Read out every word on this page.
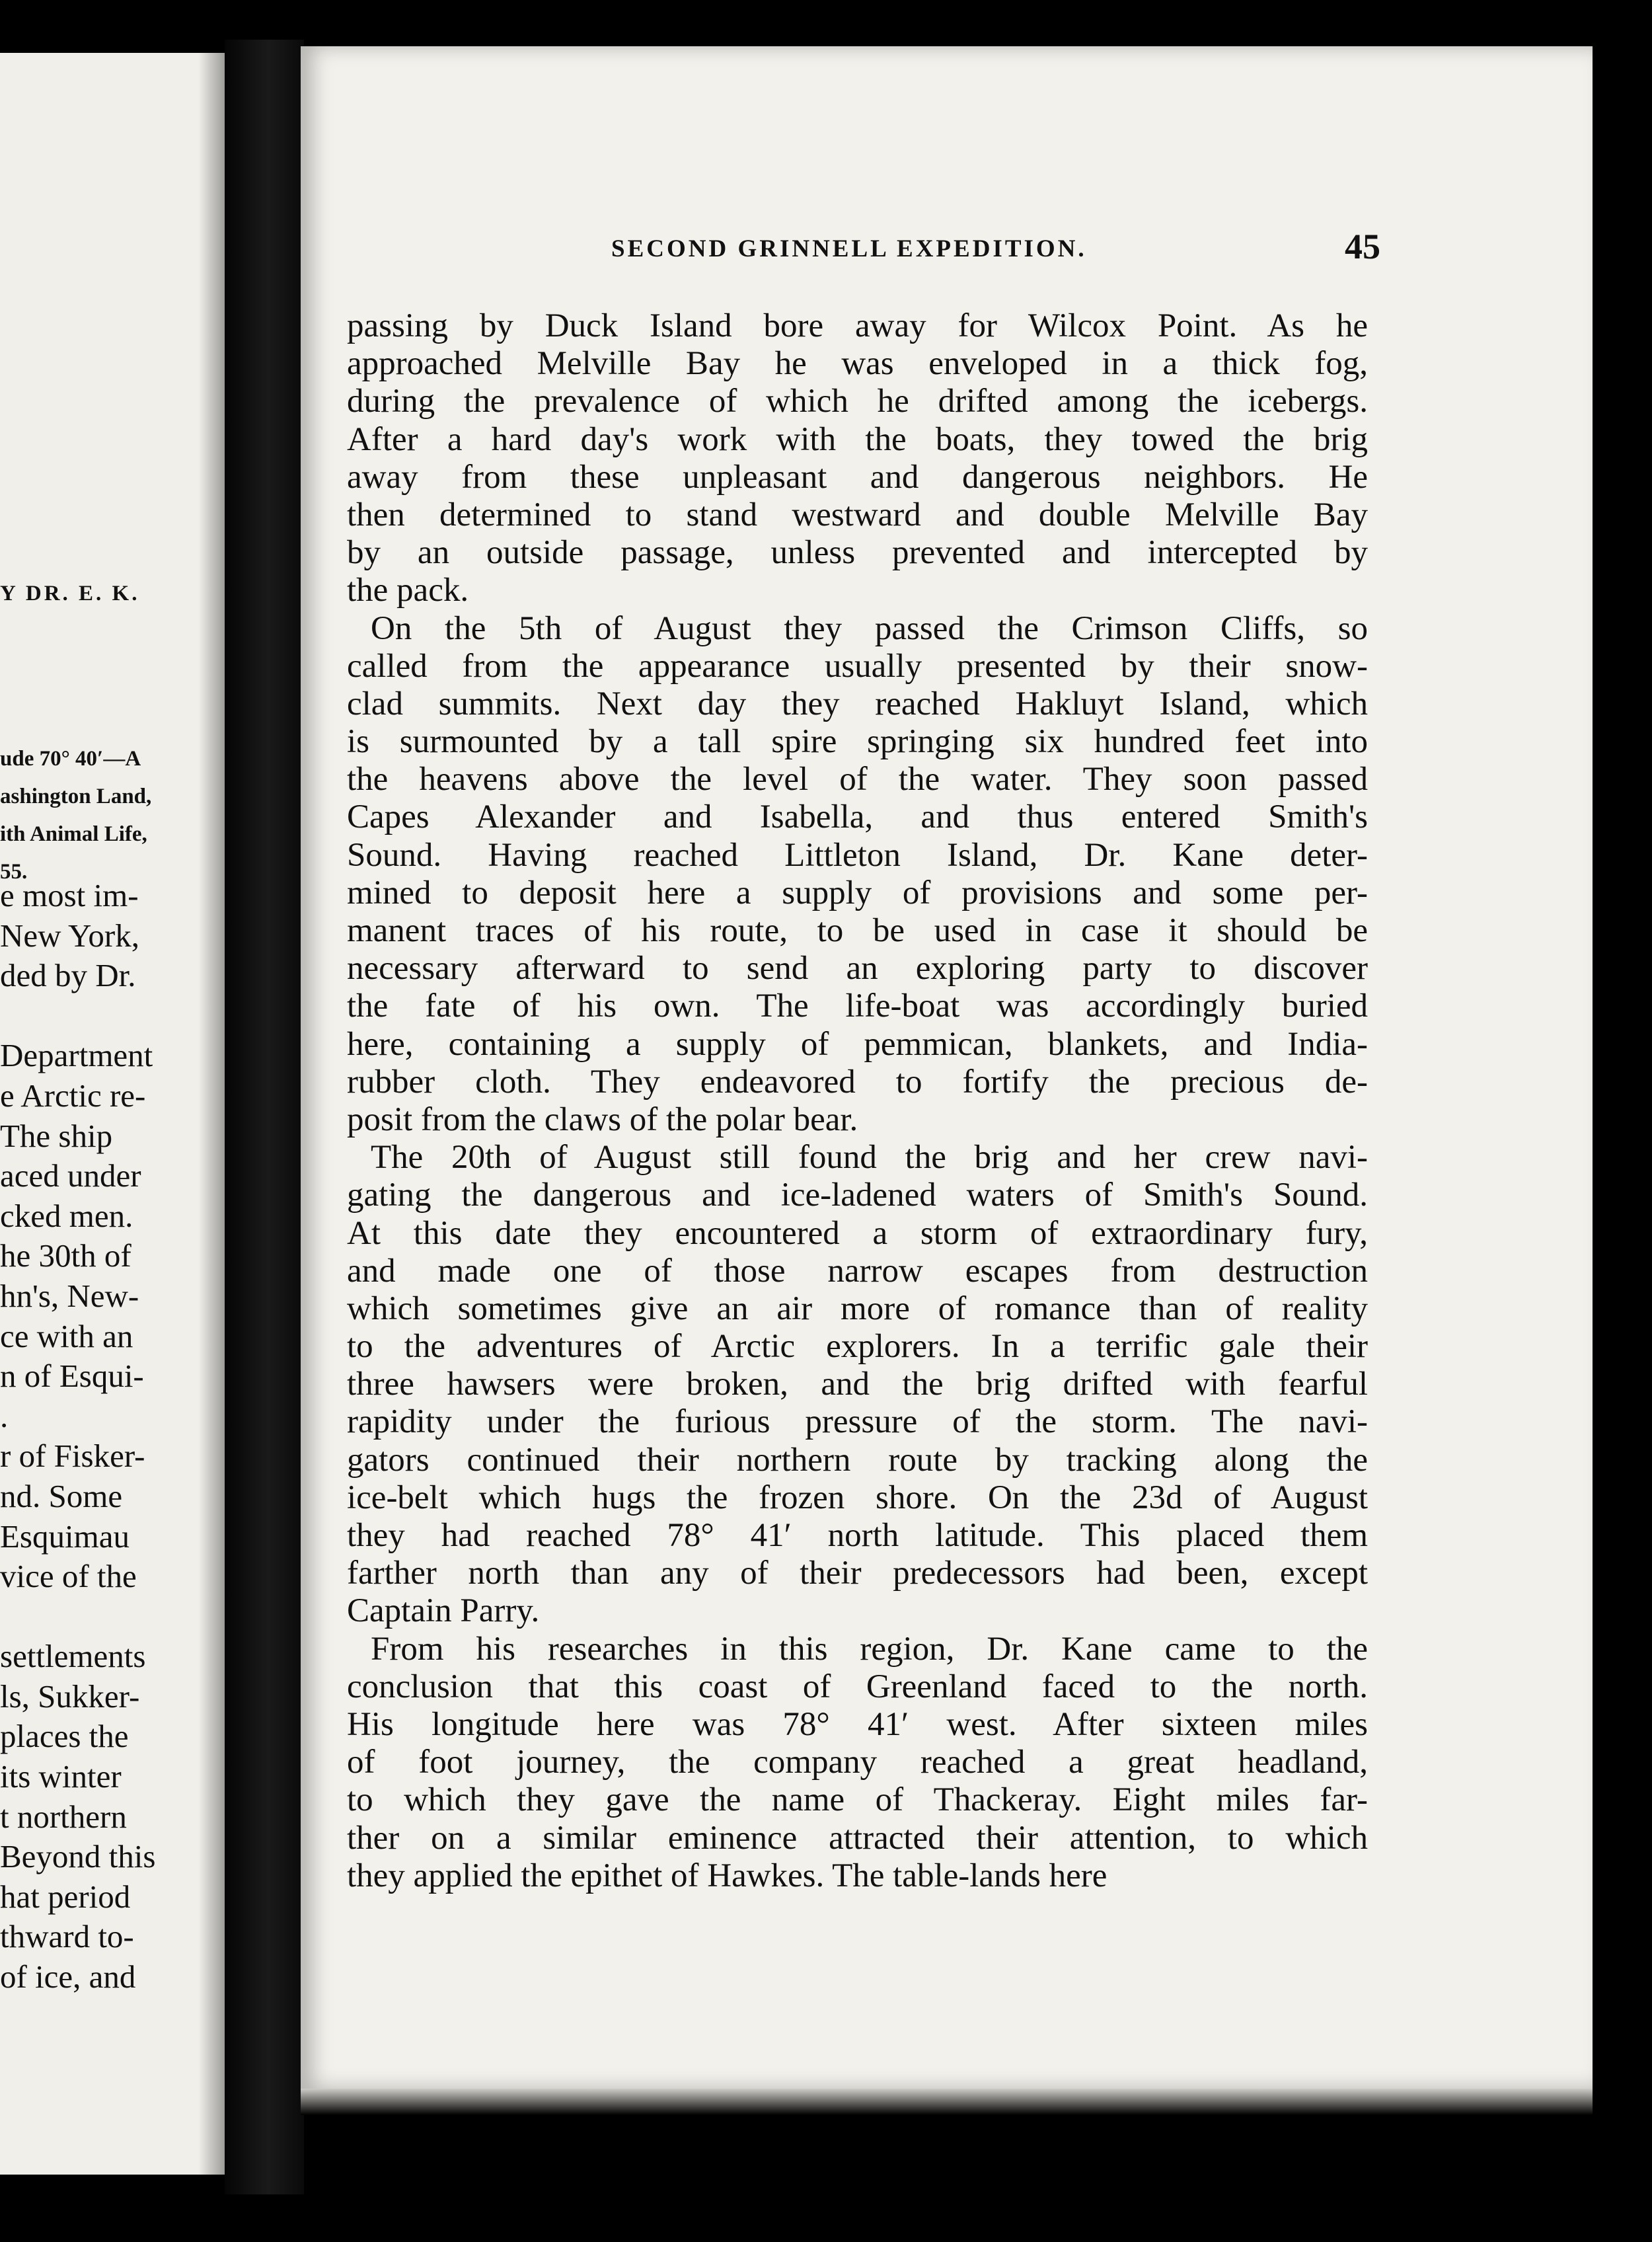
Y DR. E. K.
ude 70° 40′—A
ashington Land,
ith Animal Life,
55.
e most im-
New York,
ded by Dr.
Department
e Arctic re-
The ship
aced under
cked men.
he 30th of
hn's, New-
ce with an
n of Esqui-
.
r of Fisker-
nd. Some
Esquimau
vice of the
settlements
ls, Sukker-
places the
its winter
t northern
Beyond this
hat period
thward to-
of ice, and
SECOND GRINNELL EXPEDITION.	45
passing by Duck Island bore away for Wilcox Point. As he
approached Melville Bay he was enveloped in a thick fog,
during the prevalence of which he drifted among the icebergs.
After a hard day's work with the boats, they towed the brig
away from these unpleasant and dangerous neighbors. He
then determined to stand westward and double Melville Bay
by an outside passage, unless prevented and intercepted by
the pack.
On the 5th of August they passed the Crimson Cliffs, so
called from the appearance usually presented by their snow-
clad summits. Next day they reached Hakluyt Island, which
is surmounted by a tall spire springing six hundred feet into
the heavens above the level of the water. They soon passed
Capes Alexander and Isabella, and thus entered Smith's
Sound. Having reached Littleton Island, Dr. Kane deter-
mined to deposit here a supply of provisions and some per-
manent traces of his route, to be used in case it should be
necessary afterward to send an exploring party to discover
the fate of his own. The life-boat was accordingly buried
here, containing a supply of pemmican, blankets, and India-
rubber cloth. They endeavored to fortify the precious de-
posit from the claws of the polar bear.
The 20th of August still found the brig and her crew navi-
gating the dangerous and ice-ladened waters of Smith's Sound.
At this date they encountered a storm of extraordinary fury,
and made one of those narrow escapes from destruction
which sometimes give an air more of romance than of reality
to the adventures of Arctic explorers. In a terrific gale their
three hawsers were broken, and the brig drifted with fearful
rapidity under the furious pressure of the storm. The navi-
gators continued their northern route by tracking along the
ice-belt which hugs the frozen shore. On the 23d of August
they had reached 78° 41′ north latitude. This placed them
farther north than any of their predecessors had been, except
Captain Parry.
From his researches in this region, Dr. Kane came to the
conclusion that this coast of Greenland faced to the north.
His longitude here was 78° 41′ west. After sixteen miles
of foot journey, the company reached a great headland,
to which they gave the name of Thackeray. Eight miles far-
ther on a similar eminence attracted their attention, to which
they applied the epithet of Hawkes. The table-lands here
